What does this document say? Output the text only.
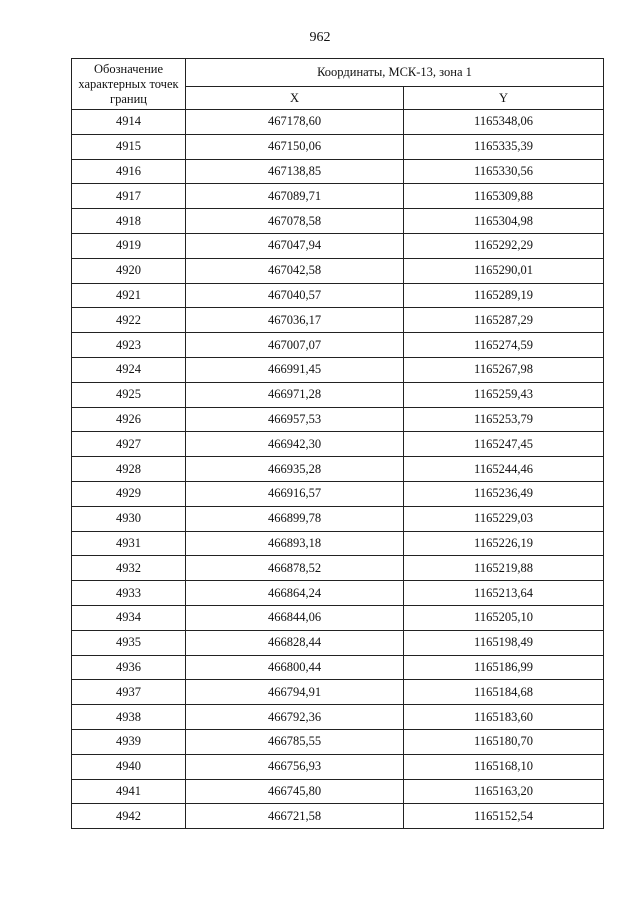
962
Обозначение характерных точек границ	Координаты, МСК-13, зона 1	
	X	Y
4914	467178,60	1165348,06
4915	467150,06	1165335,39
4916	467138,85	1165330,56
4917	467089,71	1165309,88
4918	467078,58	1165304,98
4919	467047,94	1165292,29
4920	467042,58	1165290,01
4921	467040,57	1165289,19
4922	467036,17	1165287,29
4923	467007,07	1165274,59
4924	466991,45	1165267,98
4925	466971,28	1165259,43
4926	466957,53	1165253,79
4927	466942,30	1165247,45
4928	466935,28	1165244,46
4929	466916,57	1165236,49
4930	466899,78	1165229,03
4931	466893,18	1165226,19
4932	466878,52	1165219,88
4933	466864,24	1165213,64
4934	466844,06	1165205,10
4935	466828,44	1165198,49
4936	466800,44	1165186,99
4937	466794,91	1165184,68
4938	466792,36	1165183,60
4939	466785,55	1165180,70
4940	466756,93	1165168,10
4941	466745,80	1165163,20
4942	466721,58	1165152,54
